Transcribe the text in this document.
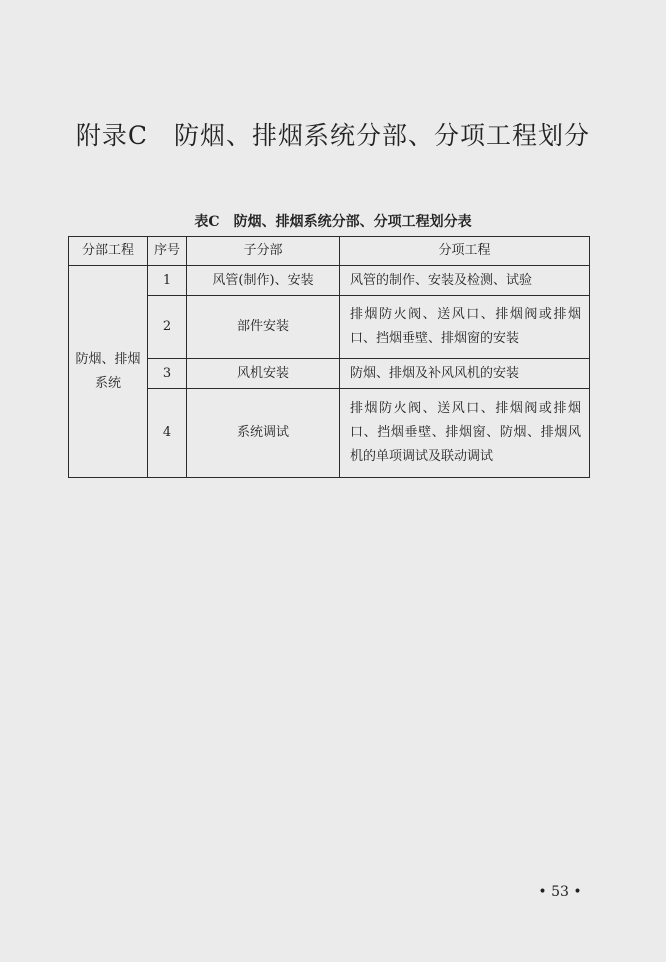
附录C　防烟、排烟系统分部、分项工程划分
表C　防烟、排烟系统分部、分项工程划分表
分部工程	序号	子分部	分项工程
防烟、排烟系统	1	风管(制作)、安装	风管的制作、安装及检测、试验
	2	部件安装	排烟防火阀、送风口、排烟阀或排烟口、挡烟垂壁、排烟窗的安装
	3	风机安装	防烟、排烟及补风风机的安装
	4	系统调试	排烟防火阀、送风口、排烟阀或排烟口、挡烟垂壁、排烟窗、防烟、排烟风机的单项调试及联动调试
• 53 •
